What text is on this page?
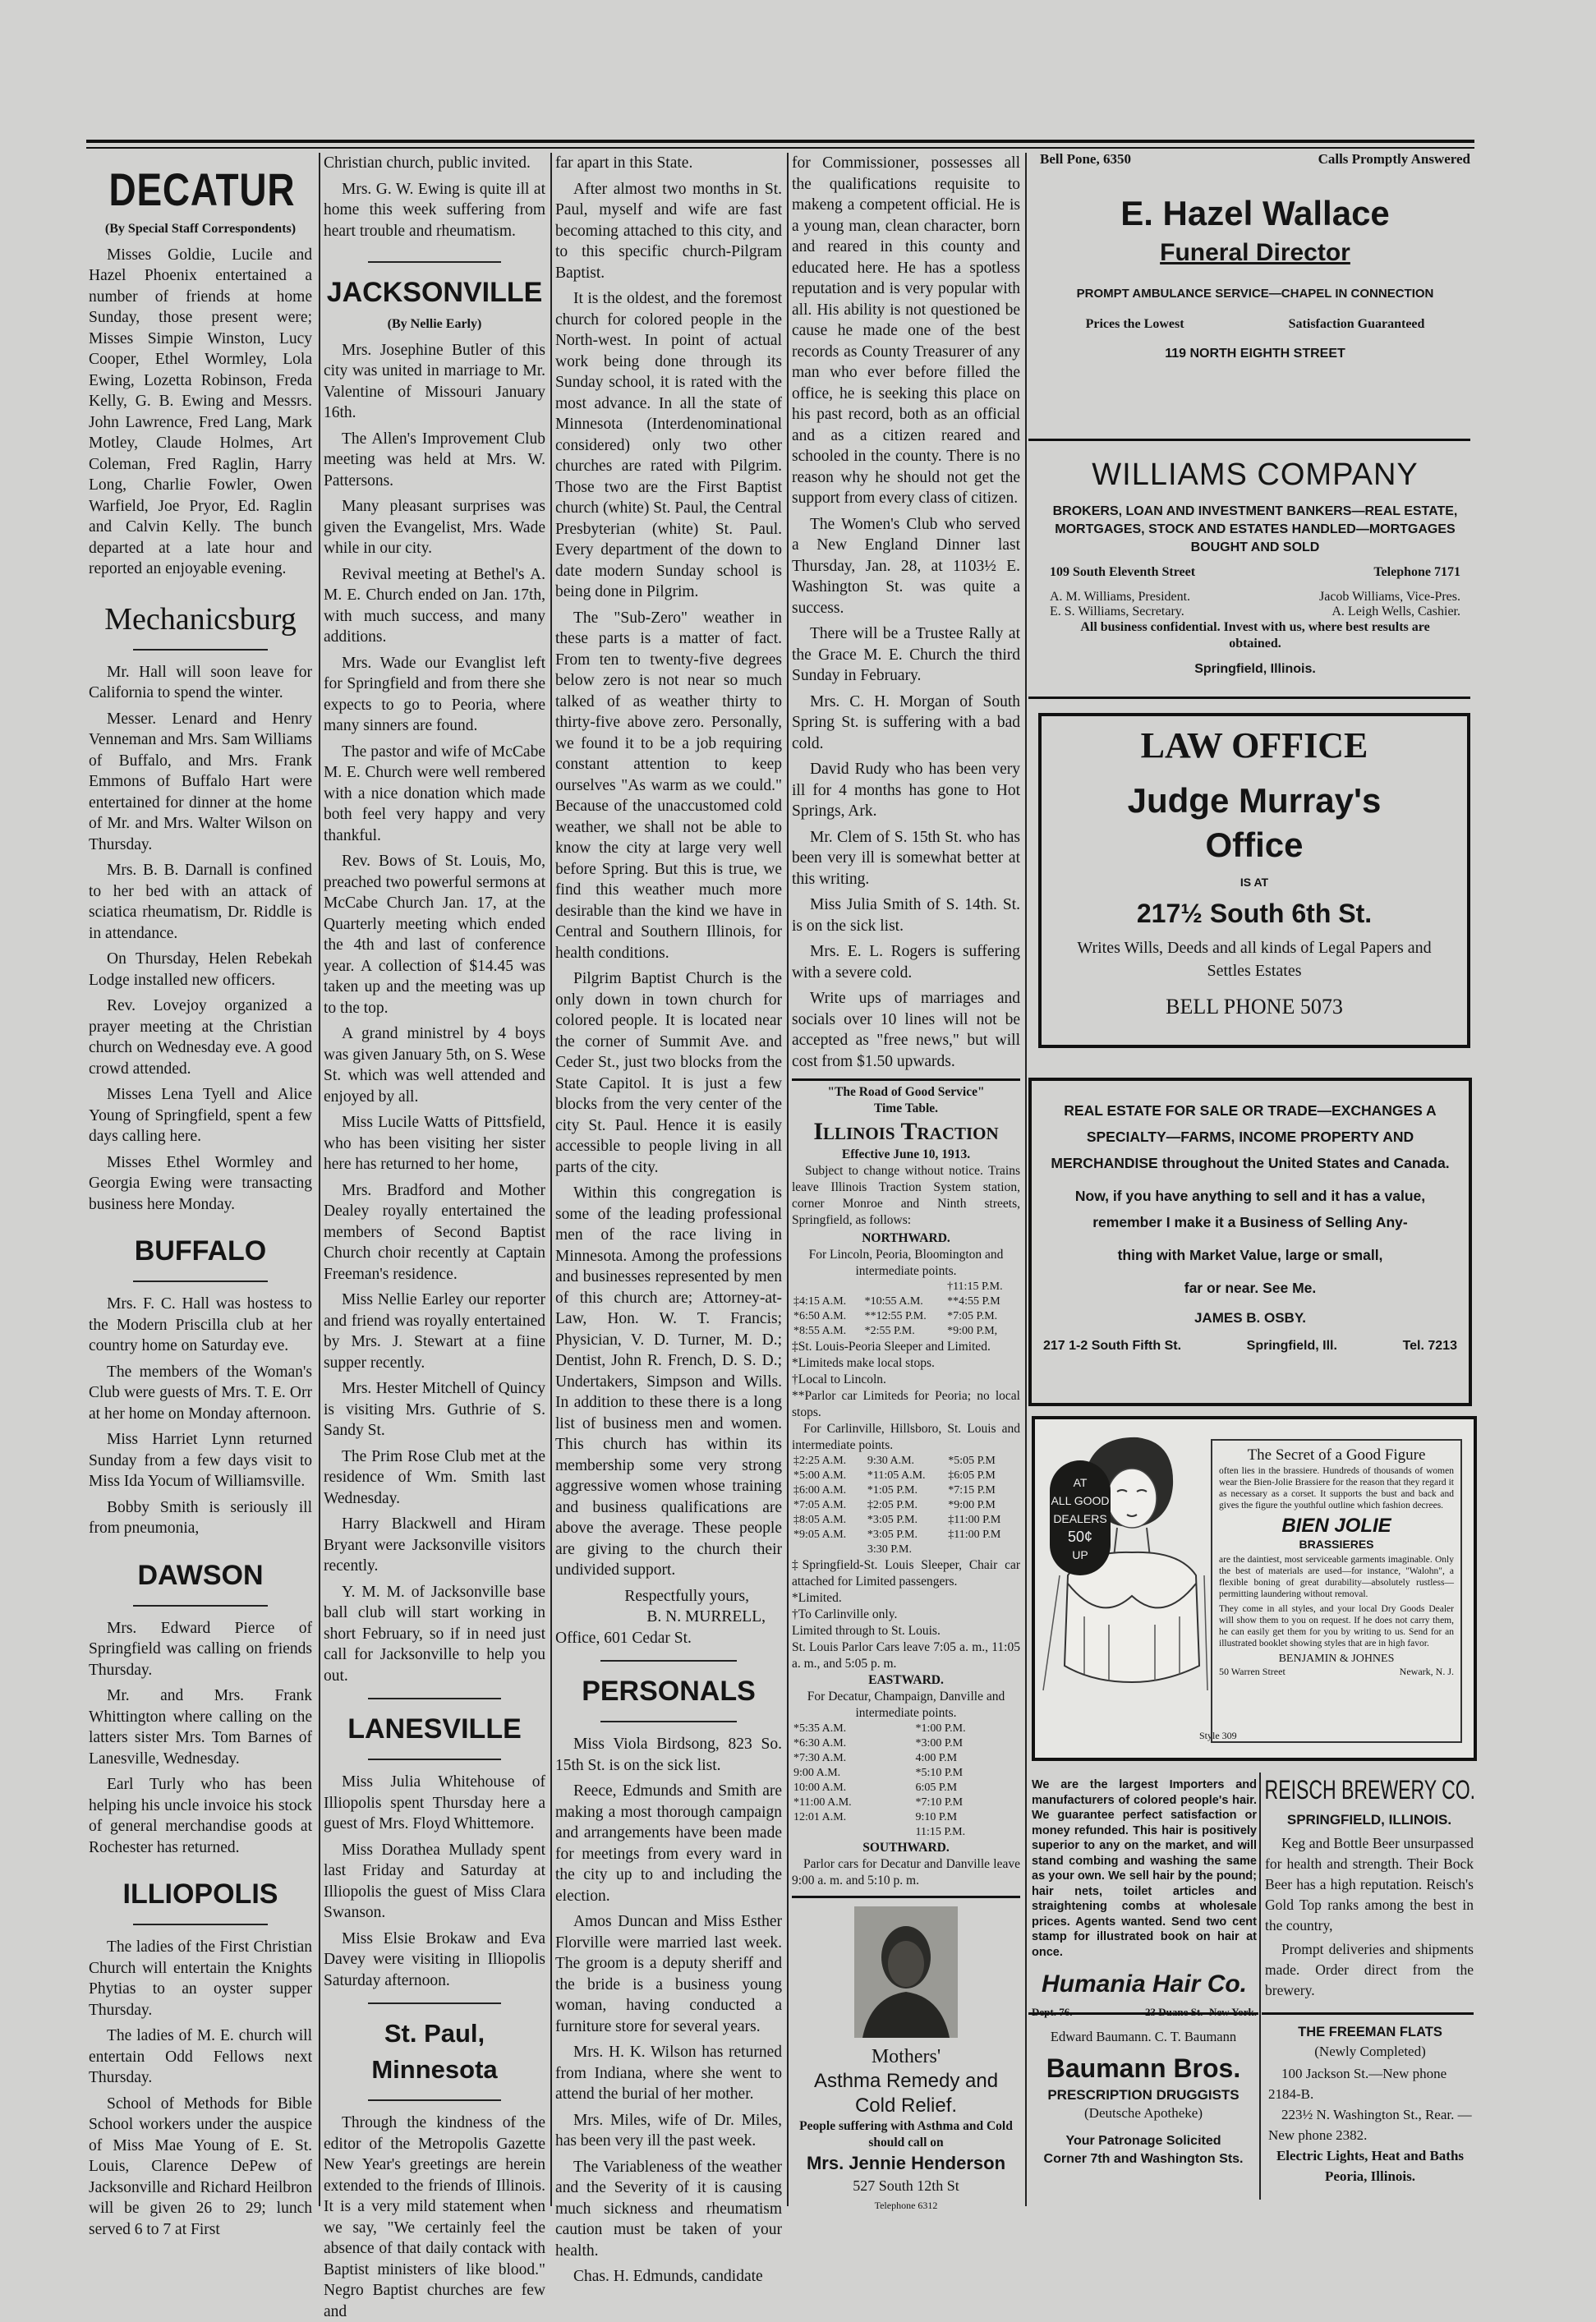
DECATUR
(By Special Staff Correspondents)

Misses Goldie, Lucile and Hazel Phoenix entertained a number of friends at home Sunday, those present were; Misses Simpie Winston, Lucy Cooper, Ethel Wormley, Lola Ewing, Lozetta Robinson, Freda Kelly, G. B. Ewing and Messrs. John Lawrence, Fred Lang, Mark Motley, Claude Holmes, Art Coleman, Fred Raglin, Harry Long, Charlie Fowler, Owen Warfield, Joe Pryor, Ed. Raglin and Calvin Kelly. The bunch departed at a late hour and reported an enjoyable evening.

Mechanicsburg

Mr. Hall will soon leave for California to spend the winter.

Messer. Lenard and Henry Venneman and Mrs. Sam Williams of Buffalo, and Mrs. Frank Emmons of Buffalo Hart were entertained for dinner at the home of Mr. and Mrs. Walter Wilson on Thursday.

Mrs. B. B. Darnall is confined to her bed with an attack of sciatica rheumatism, Dr. Riddle is in attendance.

On Thursday, Helen Rebekah Lodge installed new officers.

Rev. Lovejoy organized a prayer meeting at the Christian church on Wednesday eve. A good crowd attended.

Misses Lena Tyell and Alice Young of Springfield, spent a few days calling here.

Misses Ethel Wormley and Georgia Ewing were transacting business here Monday.

BUFFALO

Mrs. F. C. Hall was hostess to the Modern Priscilla club at her country home on Saturday eve.

The members of the Woman's Club were guests of Mrs. T. E. Orr at her home on Monday afternoon.

Miss Harriet Lynn returned Sunday from a few days visit to Miss Ida Yocum of Williamsville.

Bobby Smith is seriously ill from pneumonia,

DAWSON

Mrs. Edward Pierce of Springfield was calling on friends Thursday.

Mr. and Mrs. Frank Whittington where calling on the latters sister Mrs. Tom Barnes of Lanesville, Wednesday.

Earl Turly who has been helping his uncle invoice his stock of general merchandise goods at Rochester has returned.

ILLIOPOLIS

The ladies of the First Christian Church will entertain the Knights Phytias to an oyster supper Thursday.

The ladies of M. E. church will entertain Odd Fellows next Thursday.

School of Methods for Bible School workers under the auspice of Miss Mae Young of E. St. Louis, Clarence DePew of Jacksonville and Richard Heilbron will be given 26 to 29; lunch served 6 to 7 at First

Christian church, public invited.

Mrs. G. W. Ewing is quite ill at home this week suffering from heart trouble and rheumatism.

JACKSONVILLE
(By Nellie Early)

Mrs. Josephine Butler of this city was united in marriage to Mr. Valentine of Missouri January 16th.

The Allen's Improvement Club meeting was held at Mrs. W. Pattersons.

Many pleasant surprises was given the Evangelist, Mrs. Wade while in our city.

Revival meeting at Bethel's A. M. E. Church ended on Jan. 17th, with much success, and many additions.

Mrs. Wade our Evanglist left for Springfield and from there she expects to go to Peoria, where many sinners are found.

The pastor and wife of McCabe M. E. Church were well rembered with a nice donation which made both feel very happy and very thankful.

Rev. Bows of St. Louis, Mo, preached two powerful sermons at McCabe Church Jan. 17, at the Quarterly meeting which ended the 4th and last of conference year. A collection of $14.45 was taken up and the meeting was up to the top.

A grand ministrel by 4 boys was given January 5th, on S. Wese St. which was well attended and enjoyed by all.

Miss Lucile Watts of Pittsfield, who has been visiting her sister here has returned to her home,

Mrs. Bradford and Mother Dealey royally entertained the members of Second Baptist Church choir recently at Captain Freeman's residence.

Miss Nellie Earley our reporter and friend was royally entertained by Mrs. J. Stewart at a fiine supper recently.

Mrs. Hester Mitchell of Quincy is visiting Mrs. Guthrie of S. Sandy St.

The Prim Rose Club met at the residence of Wm. Smith last Wednesday.

Harry Blackwell and Hiram Bryant were Jacksonville visitors recently.

Y. M. M. of Jacksonville base ball club will start working in short February, so if in need just call for Jacksonville to help you out.

LANESVILLE

Miss Julia Whitehouse of Illiopolis spent Thursday here a guest of Mrs. Floyd Whittemore.

Miss Dorathea Mullady spent last Friday and Saturday at Illiopolis the guest of Miss Clara Swanson.

Miss Elsie Brokaw and Eva Davey were visiting in Illiopolis Saturday afternoon.

St. Paul, Minnesota

Through the kindness of the editor of the Metropolis Gazette New Year's greetings are herein extended to the friends of Illinois. It is a very mild statement when we say, "We certainly feel the absence of that daily contack with Baptist ministers of like blood." Negro Baptist churches are few and

far apart in this State.

After almost two months in St. Paul, myself and wife are fast becoming attached to this city, and to this specific church-Pilgram Baptist.

It is the oldest, and the foremost church for colored people in the North-west. In point of actual work being done through its Sunday school, it is rated with the most advance. In all the state of Minnesota (Interdenominational considered) only two other churches are rated with Pilgrim. Those two are the First Baptist church (white) St. Paul, the Central Presbyterian (white) St. Paul. Every department of the down to date modern Sunday school is being done in Pilgrim.

The "Sub-Zero" weather in these parts is a matter of fact. From ten to twenty-five degrees below zero is not near so much talked of as weather thirty to thirty-five above zero. Personally, we found it to be a job requiring constant attention to keep ourselves "As warm as we could." Because of the unaccustomed cold weather, we shall not be able to know the city at large very well before Spring. But this is true, we find this weather much more desirable than the kind we have in Central and Southern Illinois, for health conditions.

Pilgrim Baptist Church is the only down in town church for colored people. It is located near the corner of Summit Ave. and Ceder St., just two blocks from the State Capitol. It is just a few blocks from the very center of the city St. Paul. Hence it is easily accessible to people living in all parts of the city.

Within this congregation is some of the leading professional men of the race living in Minnesota. Among the professions and businesses represented by men of this church are; Attorney-at-Law, Hon. W. T. Francis; Physician, V. D. Turner, M. D.; Dentist, John R. French, D. S. D.; Undertakers, Simpson and Wills. In addition to these there is a long list of business men and women. This church has within its membership some very strong aggressive women whose training and business qualifications are above the average. These people are giving to the church their undivided support.

Respectfully yours,
B. N. MURRELL,
Office, 601 Cedar St.
PERSONALS

Miss Viola Birdsong, 823 So. 15th St. is on the sick list.

Reece, Edmunds and Smith are making a most thorough campaign and arrangements have been made for meetings from every ward in the city up to and including the election.

Amos Duncan and Miss Esther Florville were married last week. The groom is a deputy sheriff and the bride is a business young woman, having conducted a furniture store for several years.

Mrs. H. K. Wilson has returned from Indiana, where she went to attend the burial of her mother.

Mrs. Miles, wife of Dr. Miles, has been very ill the past week.

The Variableness of the weather and the Severity of it is causing much sickness and rheumatism caution must be taken of your health.

Chas. H. Edmunds, candidate

for Commissioner, possesses all the qualifications requisite to makeng a competent official. He is a young man, clean character, born and reared in this county and educated here. He has a spotless reputation and is very popular with all. His ability is not questioned be cause he made one of the best records as County Treasurer of any man who ever before filled the office, he is seeking this place on his past record, both as an official and as a citizen reared and schooled in the county. There is no reason why he should not get the support from every class of citizen.

The Women's Club who served a New England Dinner last Thursday, Jan. 28, at 1103½ E. Washington St. was quite a success.

There will be a Trustee Rally at the Grace M. E. Church the third Sunday in February.

Mrs. C. H. Morgan of South Spring St. is suffering with a bad cold.

David Rudy who has been very ill for 4 months has gone to Hot Springs, Ark.

Mr. Clem of S. 15th St. who has been very ill is somewhat better at this writing.

Miss Julia Smith of S. 14th. St. is on the sick list.

Mrs. E. L. Rogers is suffering with a severe cold.

Write ups of marriages and socials over 10 lines will not be accepted as "free news," but will cost from $1.50 upwards.

"The Road of Good Service"
Time Table.
Illinois Traction
Effective June 10, 1913.
Subject to change without notice. Trains leave Illinois Traction System station, corner Monroe and Ninth streets, Springfield, as follows:
NORTHWARD.
For Lincoln, Peoria, Bloomington and intermediate points.
		†11:15 P.M.
‡4:15 A.M.	*10:55 A.M.	**4:55 P.M
*6:50 A.M.	**12:55 P.M.	*7:05 P.M.
*8:55 A.M.	*2:55 P.M.	*9:00 P.M,
‡St. Louis-Peoria Sleeper and Limited.
*Limiteds make local stops.
†Local to Lincoln.
**Parlor car Limiteds for Peoria; no local stops.
For Carlinville, Hillsboro, St. Louis and intermediate points.
‡2:25 A.M.	9:30 A.M.	*5:05 P.M
*5:00 A.M.	*11:05 A.M.	‡6:05 P.M
‡6:00 A.M.	*1:05 P.M.	*7:15 P.M
*7:05 A.M.	‡2:05 P.M.	*9:00 P.M
‡8:05 A.M.	*3:05 P.M.	‡11:00 P.M
*9:05 A.M.	*3:05 P.M.	‡11:00 P.M
	3:30 P.M.	
‡Springfield-St. Louis Sleeper, Chair car attached for Limited passengers.
*Limited.
†To Carlinville only.
Limited through to St. Louis.
St. Louis Parlor Cars leave 7:05 a. m., 11:05 a. m., and 5:05 p. m.
EASTWARD.
For Decatur, Champaign, Danville and intermediate points.
*5:35 A.M.	*1:00 P.M.
*6:30 A.M.	*3:00 P.M
*7:30 A.M.	4:00 P.M
9:00 A.M.	*5:10 P.M
10:00 A.M.	6:05 P.M
*11:00 A.M.	*7:10 P.M
12:01 A.M.	9:10 P.M
	11:15 P.M.
SOUTHWARD.
Parlor cars for Decatur and Danville leave 9:00 a. m. and 5:10 p. m.
Mothers'
Asthma Remedy and
Cold Relief.
People suffering with Asthma and Cold should call on
Mrs. Jennie Henderson
527 South 12th St
Telephone 6312
Bell Pone, 6350	Calls Promptly Answered
E. Hazel Wallace
Funeral Director
PROMPT AMBULANCE SERVICE—CHAPEL IN CONNECTION
Prices the Lowest	Satisfaction Guaranteed
119 NORTH EIGHTH STREET
WILLIAMS COMPANY
BROKERS, LOAN AND INVESTMENT BANKERS—REAL ESTATE, MORTGAGES, STOCK AND ESTATES HANDLED—MORTGAGES BOUGHT AND SOLD
109 South Eleventh Street	Telephone 7171
A. M. Williams, President.	Jacob Williams, Vice-Pres.
E. S. Williams, Secretary.	A. Leigh Wells, Cashier.
All business confidential. Invest with us, where best results are obtained.
Springfield, Illinois.
LAW OFFICE
Judge Murray's
Office
IS AT
217½ South 6th St.
Writes Wills, Deeds and all kinds of Legal Papers and Settles Estates
BELL PHONE 5073
REAL ESTATE FOR SALE OR TRADE—EXCHANGES A SPECIALTY—FARMS, INCOME PROPERTY AND MERCHANDISE throughout the United States and Canada.
Now, if you have anything to sell and it has a value, remember I make it a Business of Selling Any-
thing with Market Value, large or small,
far or near. See Me.
JAMES B. OSBY.
217 1-2 South Fifth St.	Springfield, Ill.	Tel. 7213
AT
ALL GOOD
DEALERS
50¢
UP
Style 309
The Secret of a Good Figure
often lies in the brassiere. Hundreds of thousands of women wear the Bien-Jolie Brassiere for the reason that they regard it as necessary as a corset. It supports the bust and back and gives the figure the youthful outline which fashion decrees.
BIEN JOLIE
BRASSIERES
are the daintiest, most serviceable garments imaginable. Only the best of materials are used—for instance, "Walohn", a flexible boning of great durability—absolutely rustless—permitting laundering without removal.
They come in all styles, and your local Dry Goods Dealer will show them to you on request. If he does not carry them, he can easily get them for you by writing to us. Send for an illustrated booklet showing styles that are in high favor.
BENJAMIN & JOHNES
50 Warren Street	Newark, N. J.
We are the largest Importers and manufacturers of colored people's hair. We guarantee perfect satisfaction or money refunded. This hair is positively superior to any on the market, and will stand combing and washing the same as your own. We sell hair by the pound; hair nets, toilet articles and straightening combs at wholesale prices. Agents wanted. Send two cent stamp for illustrated book on hair at once.
Humania Hair Co.
REISCH BREWERY CO.
SPRINGFIELD, ILLINOIS.
Keg and Bottle Beer unsurpassed for health and strength. Their Bock Beer has a high reputation. Reisch's Gold Top ranks among the best in the country,
Prompt deliveries and shipments made. Order direct from the brewery.
Edward Baumann. C. T. Baumann
Baumann Bros.
PRESCRIPTION DRUGGISTS
(Deutsche Apotheke)
Your Patronage Solicited
Corner 7th and Washington Sts.
THE FREEMAN FLATS
(Newly Completed)
100 Jackson St.—New phone 2184-B.
223½ N. Washington St., Rear. —New phone 2382.
Electric Lights, Heat and Baths Peoria, Illinois.
